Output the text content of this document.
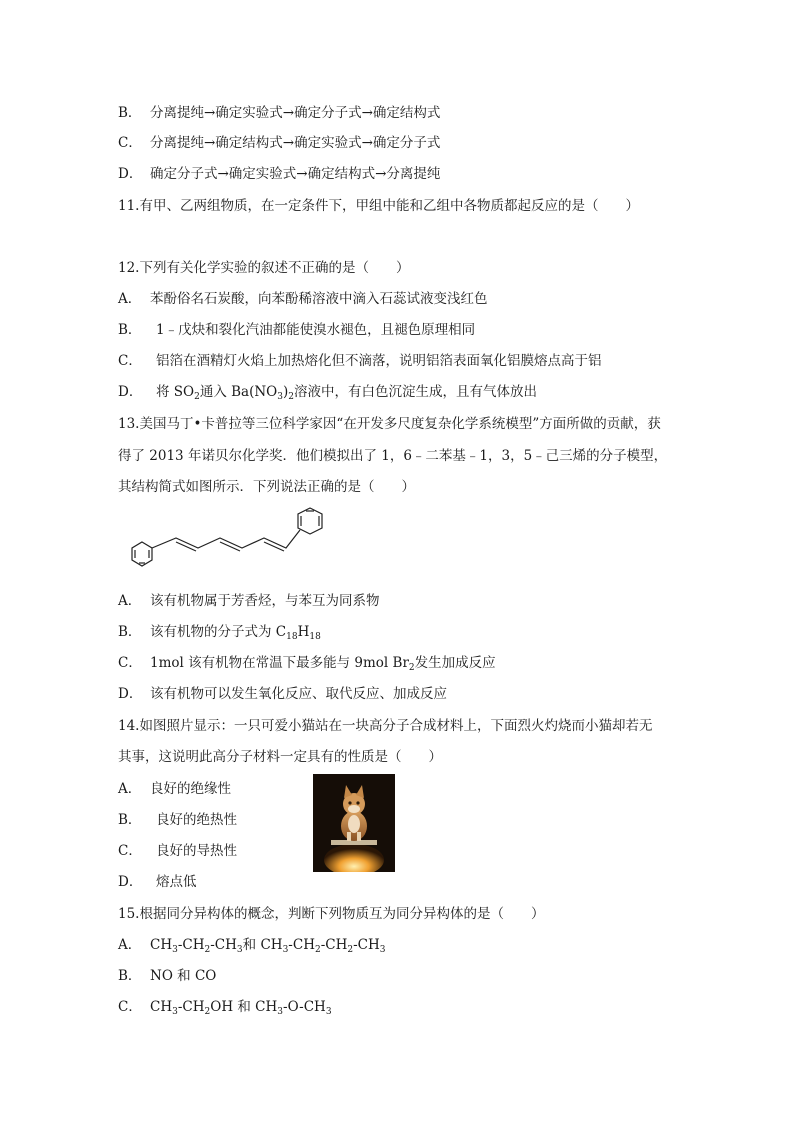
B． 分离提纯→确定实验式→确定分子式→确定结构式
C． 分离提纯→确定结构式→确定实验式→确定分子式
D． 确定分子式→确定实验式→确定结构式→分离提纯
11.有甲、乙两组物质，在一定条件下，甲组中能和乙组中各物质都起反应的是（　　）
12.下列有关化学实验的叙述不正确的是（　　）
A． 苯酚俗名石炭酸，向苯酚稀溶液中滴入石蕊试液变浅红色
B． 1﹣戊炔和裂化汽油都能使溴水褪色，且褪色原理相同
C． 铝箔在酒精灯火焰上加热熔化但不滴落，说明铝箔表面氧化铝膜熔点高于铝
D． 将 $SO_2$通入 $Ba(NO_3)_2$溶液中，有白色沉淀生成，且有气体放出
13.美国马丁•卡普拉等三位科学家因“在开发多尺度复杂化学系统模型”方面所做的贡献，获
得了 2013 年诺贝尔化学奖．他们模拟出了 1，6﹣二苯基﹣1，3，5﹣己三烯的分子模型，
其结构简式如图所示．下列说法正确的是（　　）
A． 该有机物属于芳香烃，与苯互为同系物
B． 该有机物的分子式为 $C_{18}H_{18}$
C． 1mol 该有机物在常温下最多能与 9mol $Br_2$发生加成反应
D． 该有机物可以发生氧化反应、取代反应、加成反应
14.如图照片显示：一只可爱小猫站在一块高分子合成材料上，下面烈火灼烧而小猫却若无
其事，这说明此高分子材料一定具有的性质是（　　）
A． 良好的绝缘性
B． 良好的绝热性
C． 良好的导热性
D． 熔点低
15.根据同分异构体的概念，判断下列物质互为同分异构体的是（　　）
A． $CH_3-CH_2-CH_3$和 $CH_3-CH_2-CH_2-CH_3$
B． NO 和 CO
C． $CH_3-CH_2OH$ 和 $CH_3-O-CH_3$
